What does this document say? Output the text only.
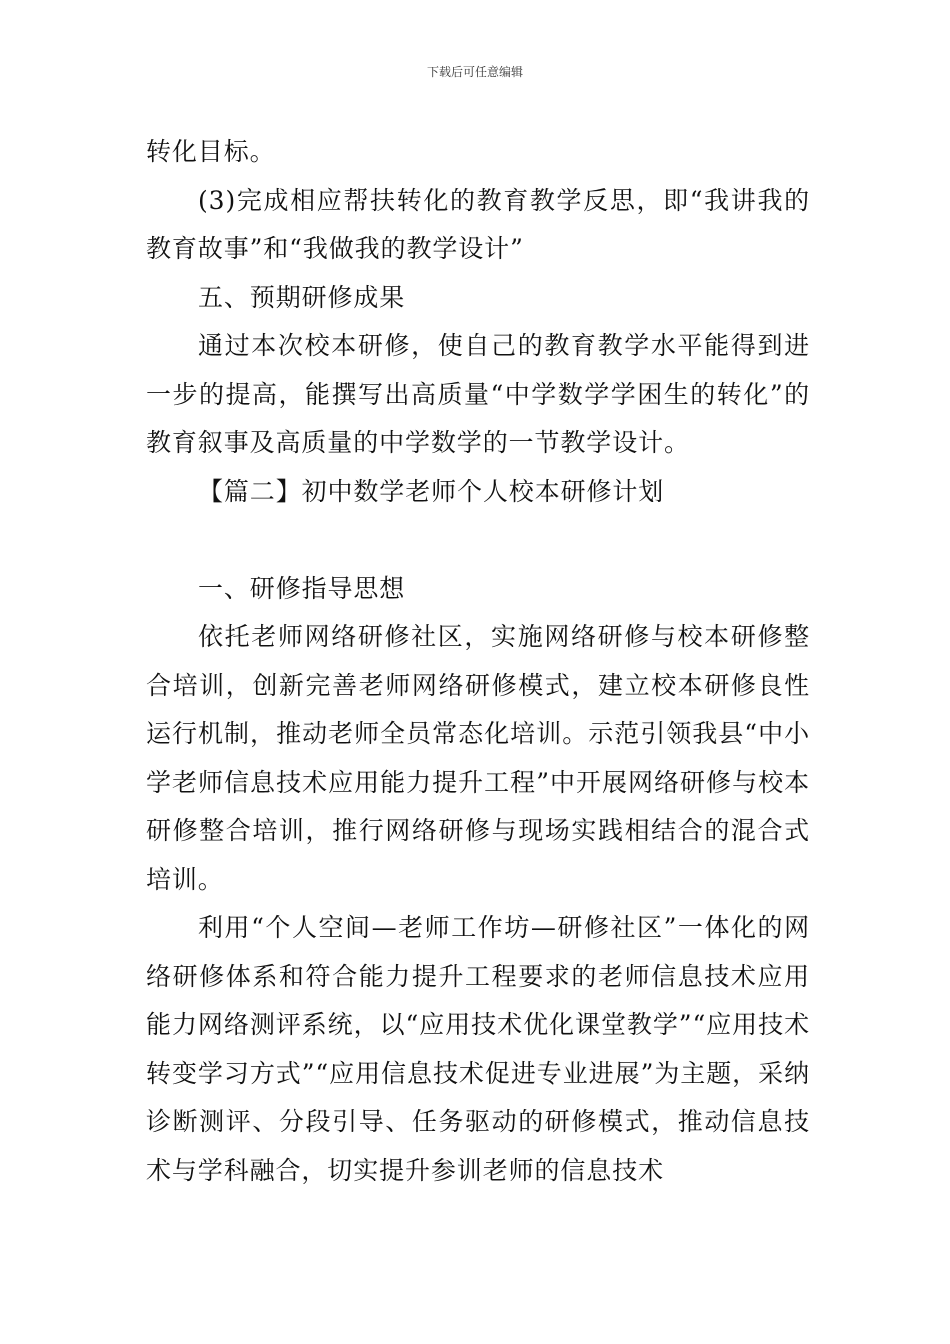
下载后可任意编辑

转化目标。

(3)完成相应帮扶转化的教育教学反思，即“我讲我的教育故事”和“我做我的教学设计”

五、预期研修成果

通过本次校本研修，使自己的教育教学水平能得到进一步的提高，能撰写出高质量“中学数学学困生的转化”的教育叙事及高质量的中学数学的一节教学设计。

【篇二】初中数学老师个人校本研修计划

一、研修指导思想

依托老师网络研修社区，实施网络研修与校本研修整合培训，创新完善老师网络研修模式，建立校本研修良性运行机制，推动老师全员常态化培训。示范引领我县“中小学老师信息技术应用能力提升工程”中开展网络研修与校本研修整合培训，推行网络研修与现场实践相结合的混合式培训。

利用“个人空间—老师工作坊—研修社区”一体化的网络研修体系和符合能力提升工程要求的老师信息技术应用能力网络测评系统，以“应用技术优化课堂教学”“应用技术转变学习方式”“应用信息技术促进专业进展”为主题，采纳诊断测评、分段引导、任务驱动的研修模式，推动信息技术与学科融合，切实提升参训老师的信息技术
